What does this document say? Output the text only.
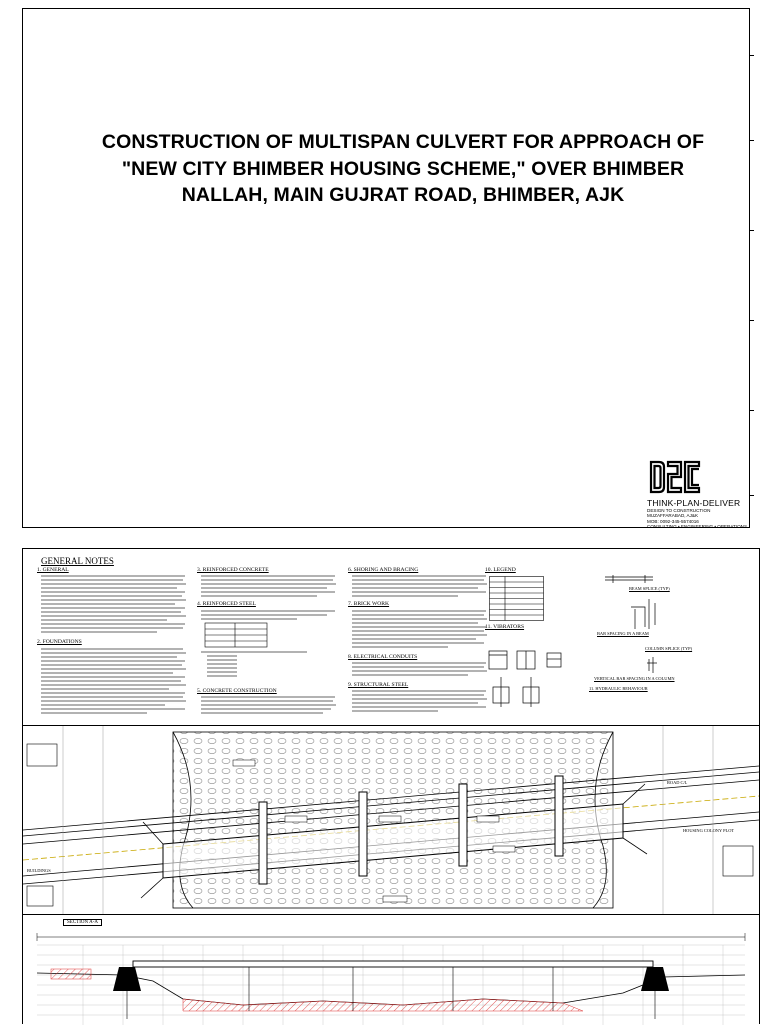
CONSTRUCTION OF MULTISPAN CULVERT FOR APPROACH OF
"NEW CITY BHIMBER HOUSING SCHEME," OVER BHIMBER
NALLAH, MAIN GUJRAT ROAD, BHIMBER, AJK
THINK-PLAN-DELIVER
DESIGN TO CONSTRUCTION
MUZAFFARABAD, AJ&K
MOB: 0092-345-5574016
CONSULTING • ENGINEERING • OPERATIONS
GENERAL NOTES
1. GENERAL
2. FOUNDATIONS
3. REINFORCED CONCRETE
4. REINFORCED STEEL
5. CONCRETE CONSTRUCTION
6. SHORING AND BRACING
7. BRICK WORK
8. ELECTRICAL CONDUITS
9. STRUCTURAL STEEL
10. LEGEND
11. VIBRATORS
BEAM SPLICE (TYP)
BAR SPACING IN A BEAM
COLUMN SPLICE (TYP)
VERTICAL BAR SPACING IN A COLUMN
11. HYDRAULIC BEHAVIOUR
ROAD C/L
HOUSING COLONY PLOT
BUILDINGS
SECTION A-A
